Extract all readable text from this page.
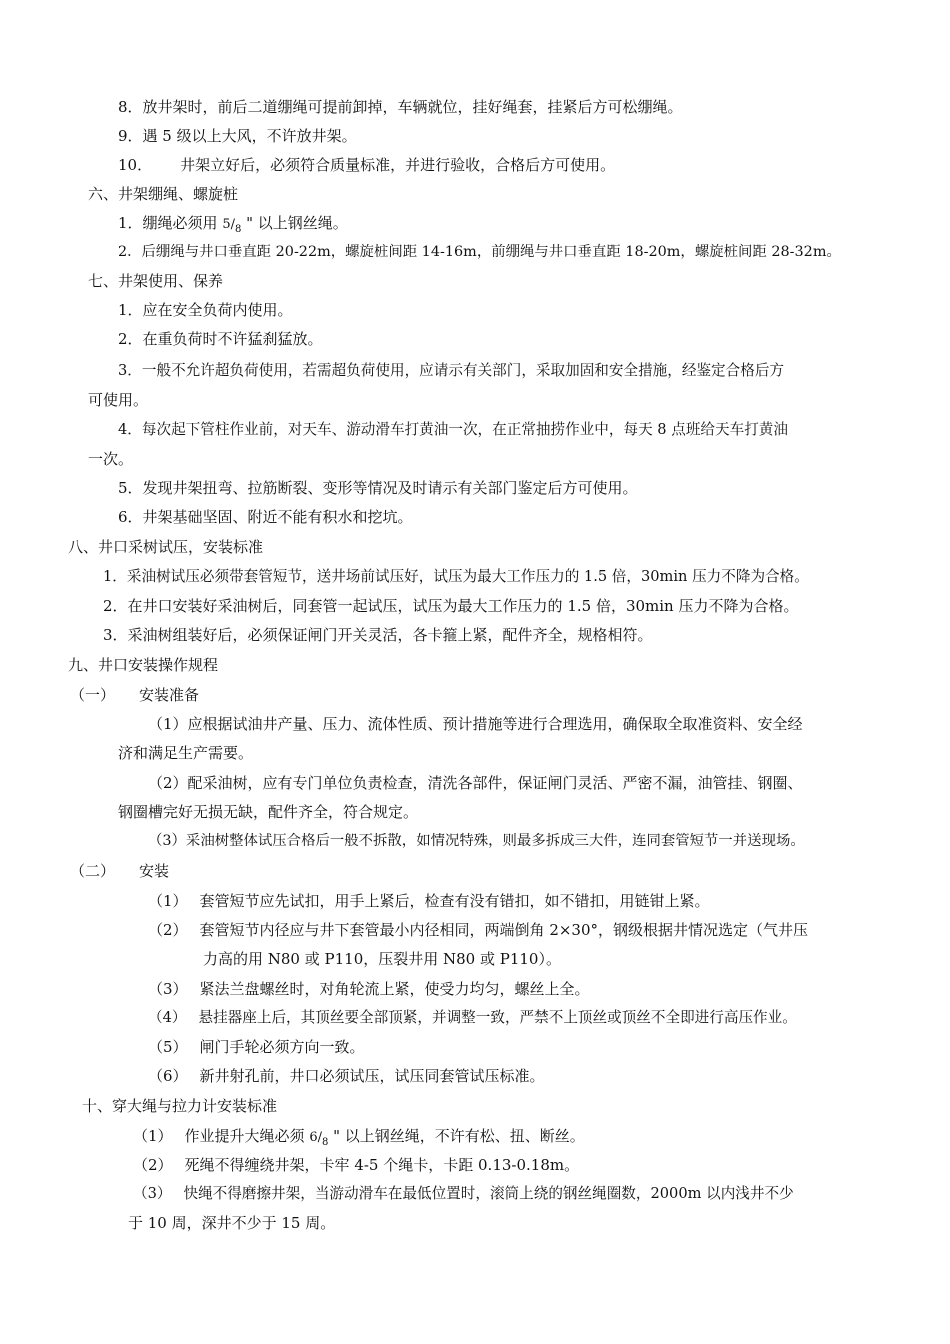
8．放井架时，前后二道绷绳可提前卸掉，车辆就位，挂好绳套，挂紧后方可松绷绳。
9．遇 5 级以上大风，不许放井架。
10． 井架立好后，必须符合质量标准，并进行验收，合格后方可使用。
六、井架绷绳、螺旋桩
1．绷绳必须用 $5/_8$ " 以上钢丝绳。
2．后绷绳与井口垂直距 20-22m，螺旋桩间距 14-16m，前绷绳与井口垂直距 18-20m，螺旋桩间距 28-32m。
七、井架使用、保养
1．应在安全负荷内使用。
2．在重负荷时不许猛刹猛放。
3．一般不允许超负荷使用，若需超负荷使用，应请示有关部门，采取加固和安全措施，经鉴定合格后方
可使用。
4．每次起下管柱作业前，对天车、游动滑车打黄油一次，在正常抽捞作业中，每天 8 点班给天车打黄油
一次。
5．发现井架扭弯、拉筋断裂、变形等情况及时请示有关部门鉴定后方可使用。
6．井架基础坚固、附近不能有积水和挖坑。
八、井口采树试压，安装标准
1．采油树试压必须带套管短节，送井场前试压好，试压为最大工作压力的 1.5 倍，30min 压力不降为合格。
2．在井口安装好采油树后，同套管一起试压，试压为最大工作压力的 1.5 倍，30min 压力不降为合格。
3．采油树组装好后，必须保证闸门开关灵活，各卡箍上紧，配件齐全，规格相符。
九、井口安装操作规程
（一） 安装准备
（1）应根据试油井产量、压力、流体性质、预计措施等进行合理选用，确保取全取准资料、安全经
济和满足生产需要。
（2）配采油树，应有专门单位负责检查，清洗各部件，保证闸门灵活、严密不漏，油管挂、钢圈、
钢圈槽完好无损无缺，配件齐全，符合规定。
（3）采油树整体试压合格后一般不拆散，如情况特殊，则最多拆成三大件，连同套管短节一并送现场。
（二） 安装
（1） 套管短节应先试扣，用手上紧后，检查有没有错扣，如不错扣，用链钳上紧。
（2） 套管短节内径应与井下套管最小内径相同，两端倒角 2×30°，钢级根据井情况选定（气井压
力高的用 N80 或 P110，压裂井用 N80 或 P110）。
（3） 紧法兰盘螺丝时，对角轮流上紧，使受力均匀，螺丝上全。
（4） 悬挂器座上后，其顶丝要全部顶紧，并调整一致，严禁不上顶丝或顶丝不全即进行高压作业。
（5） 闸门手轮必须方向一致。
（6） 新井射孔前，井口必须试压，试压同套管试压标准。
十、穿大绳与拉力计安装标准
（1） 作业提升大绳必须 $6/_8$ " 以上钢丝绳，不许有松、扭、断丝。
（2） 死绳不得缠绕井架，卡牢 4-5 个绳卡，卡距 0.13-0.18m。
（3） 快绳不得磨擦井架，当游动滑车在最低位置时，滚筒上绕的钢丝绳圈数，2000m 以内浅井不少
于 10 周，深井不少于 15 周。
